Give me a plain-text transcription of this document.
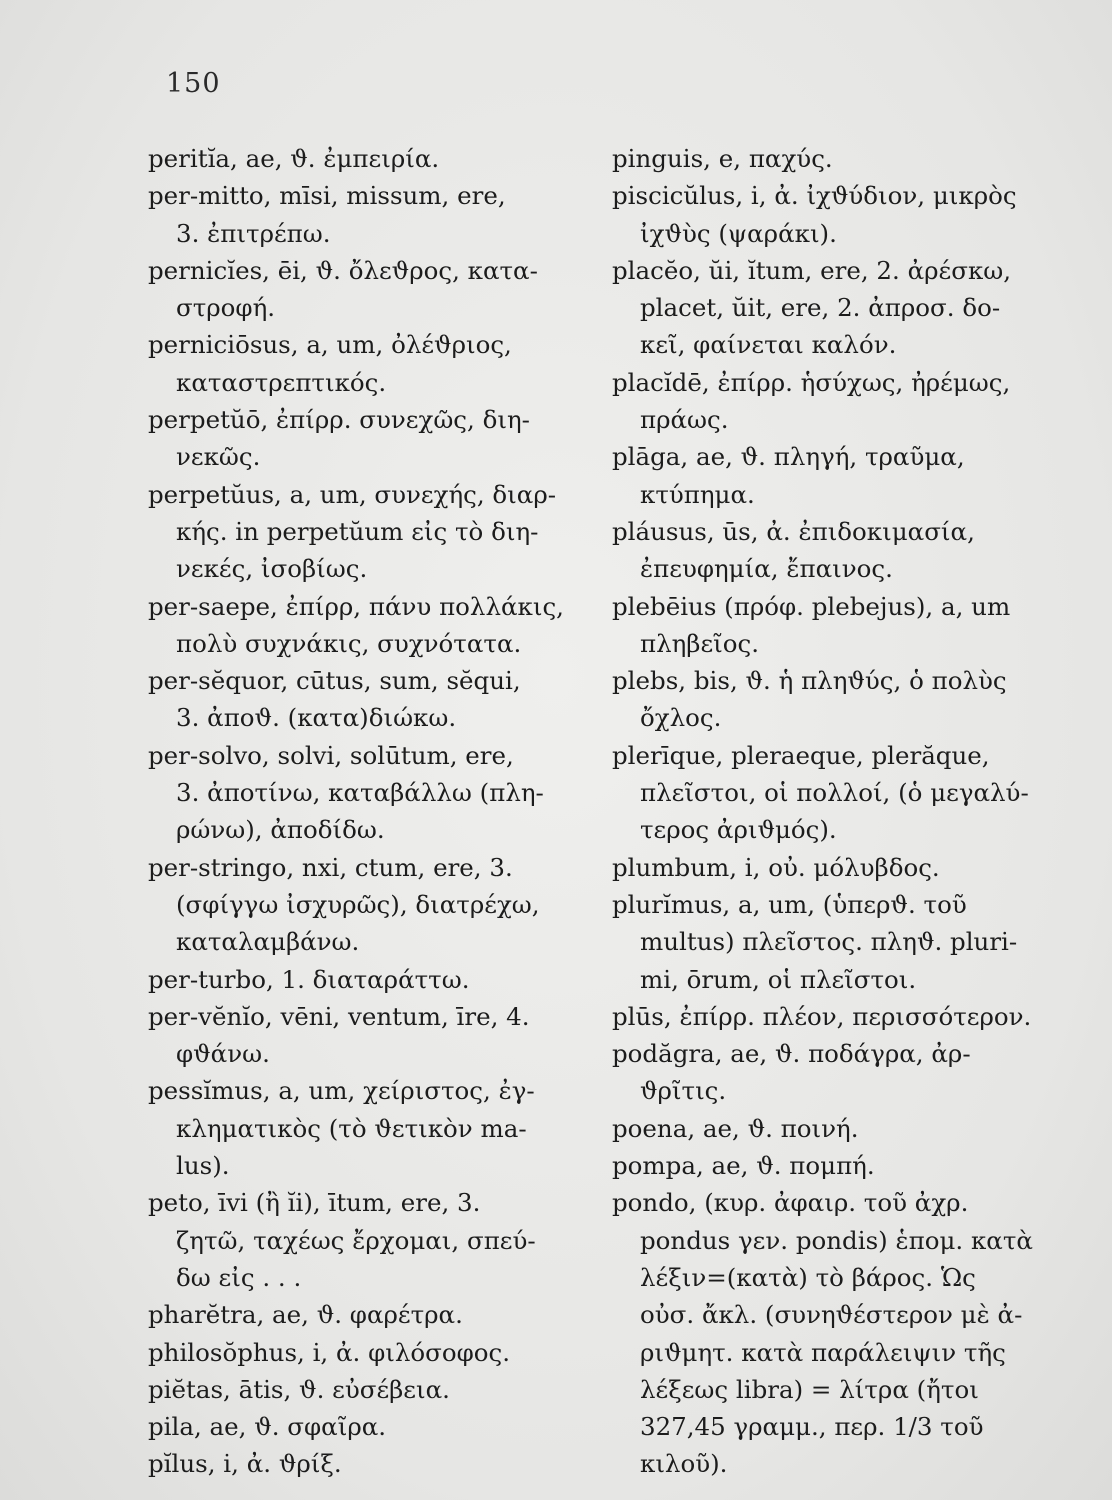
150
peritĭa, ae, ϑ. ἐμπειρία.
per-mitto, mīsi, missum, ere,
3. ἐπιτρέπω.
pernicĭes, ēi, ϑ. ὄλεϑρος, κατα-
στροφή.
perniciōsus, a, um, ὀλέϑριος,
καταστρεπτικός.
perpetŭō, ἐπίρρ. συνεχῶς, διη-
νεκῶς.
perpetŭus, a, um, συνεχής, διαρ-
κής. in perpetŭum εἰς τὸ διη-
νεκές, ἰσοβίως.
per-saepe, ἐπίρρ, πάνυ πολλάκις,
πολὺ συχνάκις, συχνότατα.
per-sĕquor, cūtus, sum, sĕqui,
3. ἀποϑ. (κατα)διώκω.
per-solvo, solvi, solūtum, ere,
3. ἀποτίνω, καταβάλλω (πλη-
ρώνω), ἀποδίδω.
per-stringo, nxi, ctum, ere, 3.
(σφίγγω ἰσχυρῶς), διατρέχω,
καταλαμβάνω.
per-turbo, 1. διαταράττω.
per-vĕnĭo, vēni, ventum, īre, 4.
φϑάνω.
pessĭmus, a, um, χείριστος, ἐγ-
κληματικὸς (τὸ ϑετικὸν ma-
lus).
peto, īvi (ἢ ĭi), ītum, ere, 3.
ζητῶ, ταχέως ἔρχομαι, σπεύ-
δω εἰς . . .
pharĕtra, ae, ϑ. φαρέτρα.
philosŏphus, i, ἀ. φιλόσοφος.
piĕtas, ātis, ϑ. εὐσέβεια.
pila, ae, ϑ. σφαῖρα.
pĭlus, i, ἀ. ϑρίξ.
pinguis, e, παχύς.
piscicŭlus, i, ἀ. ἰχϑύδιον, μικρὸς
ἰχϑὺς (ψαράκι).
placĕo, ŭi, ĭtum, ere, 2. ἀρέσκω,
placet, ŭit, ere, 2. ἀπροσ. δο-
κεῖ, φαίνεται καλόν.
placĭdē, ἐπίρρ. ἡσύχως, ἠρέμως,
πράως.
plāga, ae, ϑ. πληγή, τραῦμα,
κτύπημα.
pláusus, ūs, ἀ. ἐπιδοκιμασία,
ἐπευφημία, ἔπαινος.
plebēius (πρόφ. plebejus), a, um
πληβεῖος.
plebs, bis, ϑ. ἡ πληϑύς, ὁ πολὺς
ὄχλος.
plerīque, pleraeque, plerăque,
πλεῖστοι, οἱ πολλοί, (ὁ μεγαλύ-
τερος ἀριϑμός).
plumbum, i, οὐ. μόλυβδος.
plurĭmus, a, um, (ὑπερϑ. τοῦ
multus) πλεῖστος. πληϑ. pluri-
mi, ōrum, οἱ πλεῖστοι.
plūs, ἐπίρρ. πλέον, περισσότερον.
podăgra, ae, ϑ. ποδάγρα, ἀρ-
ϑρῖτις.
poena, ae, ϑ. ποινή.
pompa, ae, ϑ. πομπή.
pondo, (κυρ. ἀφαιρ. τοῦ ἀχρ.
pondus γεν. pondis) ἑπομ. κατὰ
λέξιν=(κατὰ) τὸ βάρος. Ὡς
οὐσ. ἄκλ. (συνηϑέστερον μὲ ἀ-
ριϑμητ. κατὰ παράλειψιν τῆς
λέξεως libra) = λίτρα (ἤτοι
327,45 γραμμ., περ. 1/3 τοῦ
κιλοῦ).
